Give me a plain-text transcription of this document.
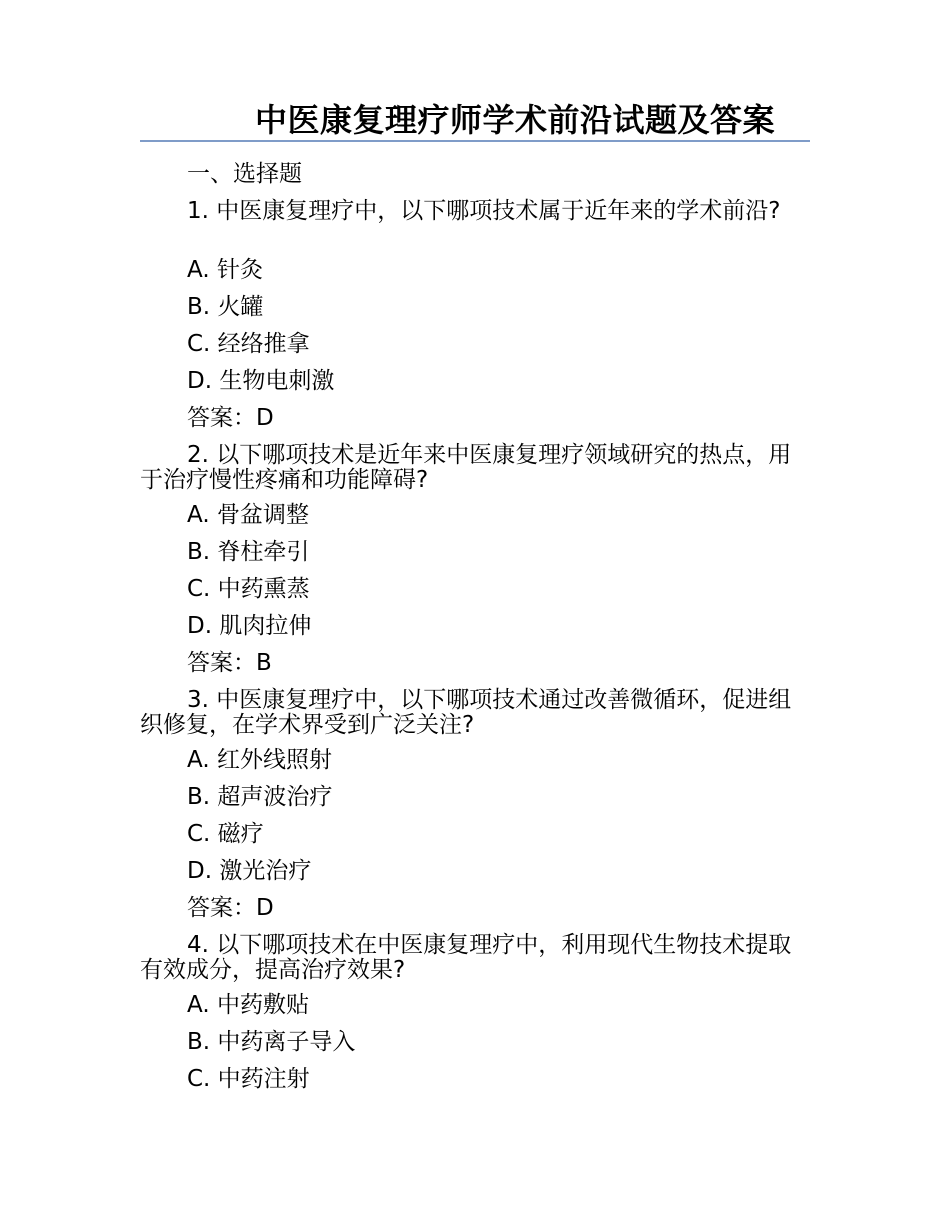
中医康复理疗师学术前沿试题及答案
一、选择题
1. 中医康复理疗中，以下哪项技术属于近年来的学术前沿?
A. 针灸
B. 火罐
C. 经络推拿
D. 生物电刺激
答案：D
2. 以下哪项技术是近年来中医康复理疗领域研究的热点，用于治疗慢性疼痛和功能障碍?
A. 骨盆调整
B. 脊柱牵引
C. 中药熏蒸
D. 肌肉拉伸
答案：B
3. 中医康复理疗中，以下哪项技术通过改善微循环，促进组织修复，在学术界受到广泛关注?
A. 红外线照射
B. 超声波治疗
C. 磁疗
D. 激光治疗
答案：D
4. 以下哪项技术在中医康复理疗中，利用现代生物技术提取有效成分，提高治疗效果?
A. 中药敷贴
B. 中药离子导入
C. 中药注射
